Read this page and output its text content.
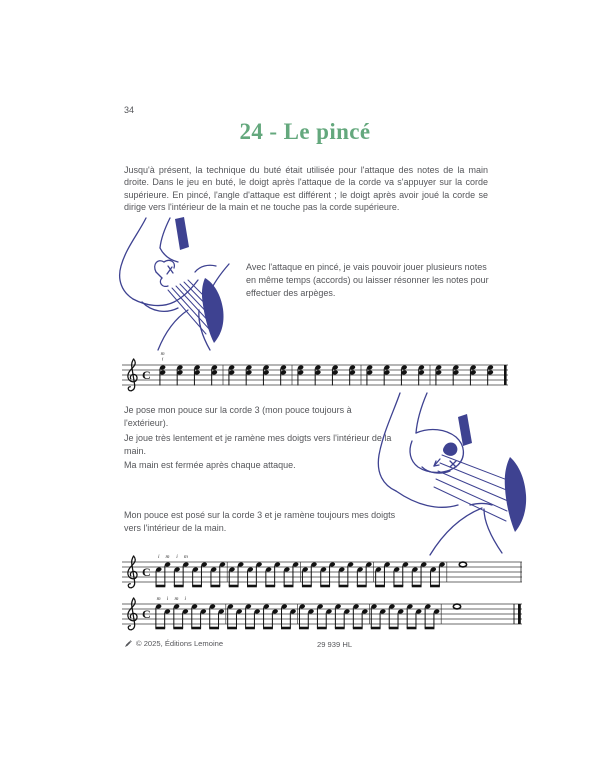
34
24 - Le pincé

Jusqu'à présent, la technique du buté était utilisée pour l'attaque des notes de la main droite. Dans le jeu en buté, le doigt après l'attaque de la corde va s'appuyer sur la corde supérieure. En pincé, l'angle d'attaque est différent ; le doigt après avoir joué la corde se dirige vers l'intérieur de la main et ne touche pas la corde supérieure.

Avec l'attaque en pincé, je vais pouvoir jouer plusieurs notes en même temps (accords) ou laisser résonner les notes pour effectuer des arpèges.

C
m
i

Je pose mon pouce sur la corde 3 (mon pouce toujours à l'extérieur).

Je joue très lentement et je ramène mes doigts vers l'intérieur de la main.

Ma main est fermée après chaque attaque.

Mon pouce est posé sur la corde 3 et je ramène toujours mes doigts vers l'intérieur de la main.

C
i m i m
C
m i m i
© 2025, Éditions Lemoine	29 939 HL
